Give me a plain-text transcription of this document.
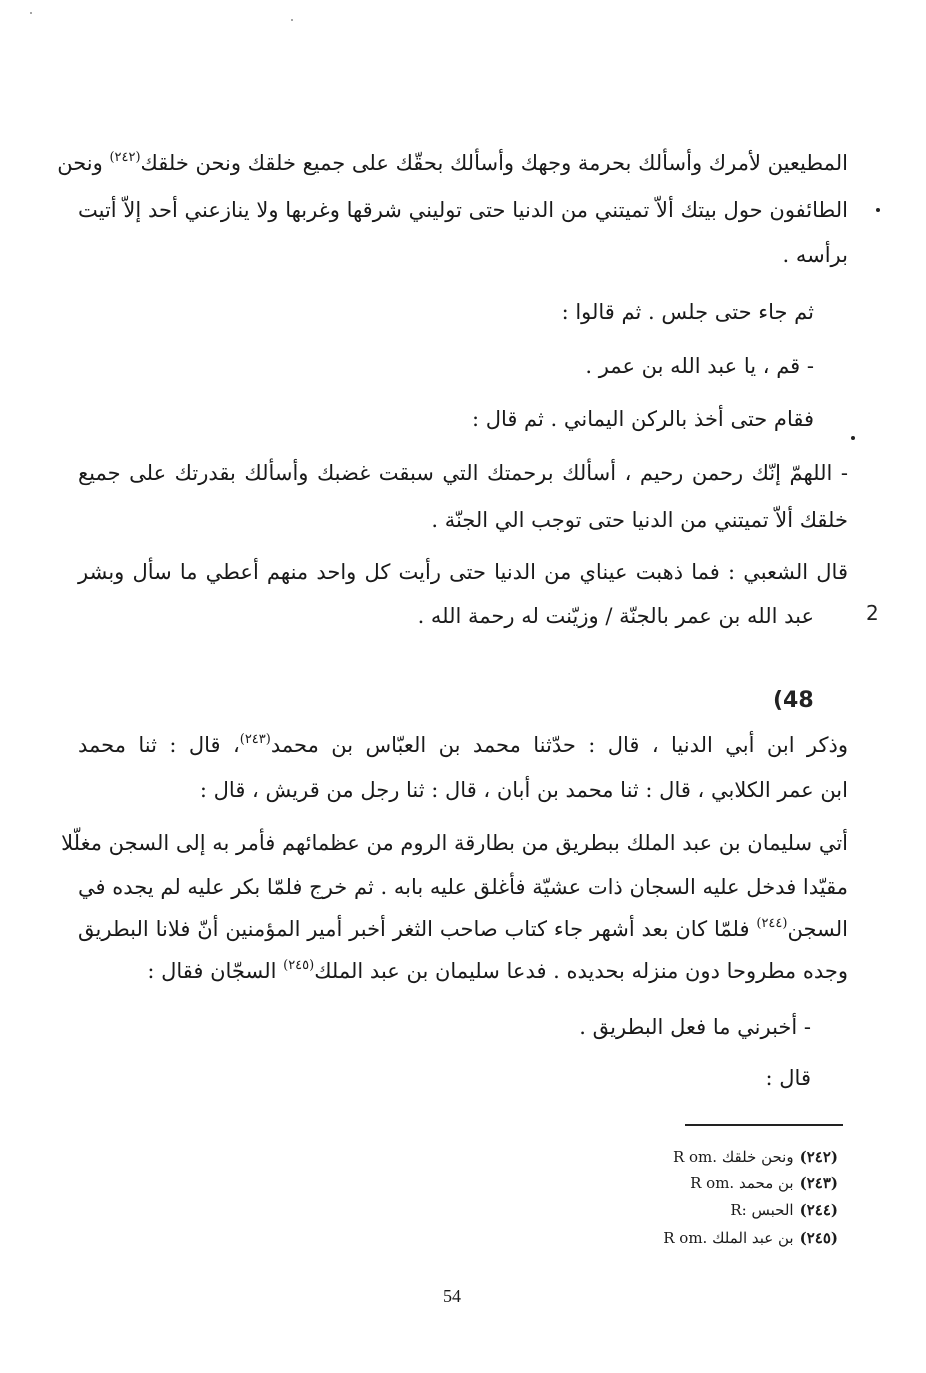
المطيعين لأمرك وأسألك بحرمة وجهك وأسألك بحقّك على جميع خلقك ونحن خلقك$^{(٢٤٢)}$ ونحن
الطائفون حول بيتك ألاّ تميتني من الدنيا حتى توليني شرقها وغربها ولا ينازعني أحد إلاّ أتيت
برأسه .
ثم جاء حتى جلس . ثم قالوا :
- قم ، يا عبد الله بن عمر .
فقام حتى أخذ بالركن اليماني . ثم قال :
- اللهمّ إنّك رحمن رحيم ، أسألك برحمتك التي سبقت غضبك وأسألك بقدرتك على جميع
خلقك ألاّ تميتني من الدنيا حتى توجب الي الجنّة .
قال الشعبي : فما ذهبت عيناي من الدنيا حتى رأيت كل واحد منهم أعطي ما سأل وبشر
عبد الله بن عمر بالجنّة / وزيّنت له رحمة الله .	2
(48
وذكر ابن أبي الدنيا ، قال : حدّثنا محمد بن العبّاس بن محمد$^{(٢٤٣)}$، قال : ثنا محمد
ابن عمر الكلابي ، قال : ثنا محمد بن أبان ، قال : ثنا رجل من قريش ، قال :
أتي سليمان بن عبد الملك ببطريق من بطارقة الروم من عظمائهم فأمر به إلى السجن مغلّلا
مقيّدا فدخل عليه السجان ذات عشيّة فأغلق عليه بابه . ثم خرج فلمّا بكر عليه لم يجده في
السجن$^{(٢٤٤)}$ فلمّا كان بعد أشهر جاء كتاب صاحب الثغر أخبر أمير المؤمنين أنّ فلانا البطريق
وجده مطروحا دون منزله بحديده . فدعا سليمان بن عبد الملك$^{(٢٤٥)}$ السجّان فقال :
- أخبرني ما فعل البطريق .
قال :
(٢٤٢)ونحن خلقك R om.
(٢٤٣)بن محمد R om.
(٢٤٤)الحبس R:
(٢٤٥)بن عبد الملك R om.
54
